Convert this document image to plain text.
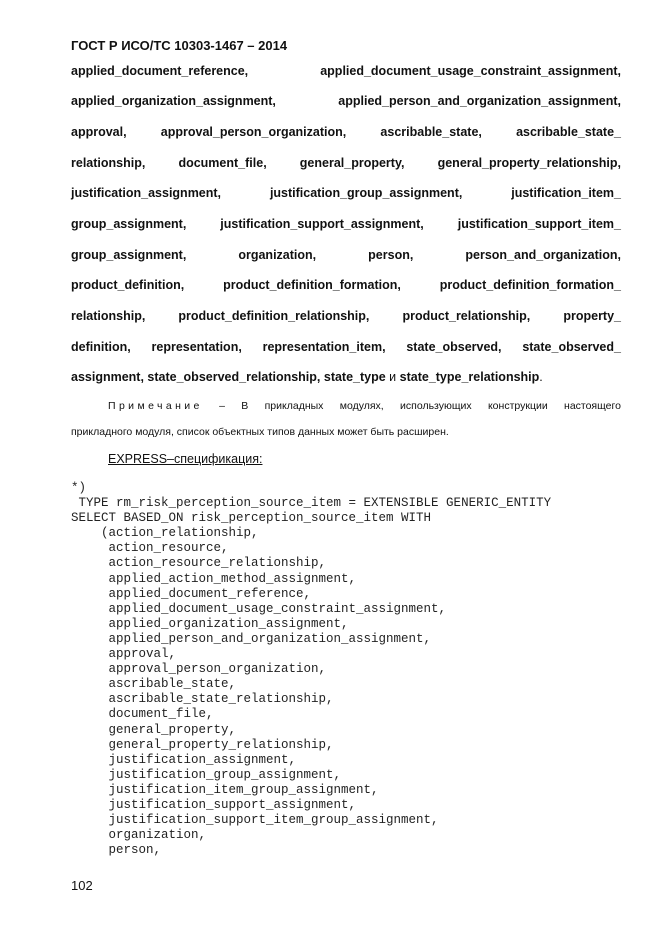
ГОСТ Р ИСО/ТС 10303-1467 – 2014
applied_document_reference,	applied_document_usage_constraint_assignment,
applied_organization_assignment,	applied_person_and_organization_assignment,
approval,	approval_person_organization,	ascribable_state,	ascribable_state_
relationship,	document_file,	general_property,	general_property_relationship,
justification_assignment,	justification_group_assignment,	justification_item_
group_assignment,	justification_support_assignment,	justification_support_item_
group_assignment,	organization,	person,	person_and_organization,
product_definition,	product_definition_formation,	product_definition_formation_
relationship,	product_definition_relationship,	product_relationship,	property_
definition, representation, representation_item, state_observed, state_observed_
assignment, state_observed_relationship, state_type и state_type_relationship.
Примечание – В прикладных модулях, использующих конструкции настоящего
прикладного модуля, список объектных типов данных может быть расширен.
EXPRESS–спецификация:
*)
TYPE rm_risk_perception_source_item = EXTENSIBLE GENERIC_ENTITY
SELECT BASED_ON risk_perception_source_item WITH
(action_relationship,
action_resource,
action_resource_relationship,
applied_action_method_assignment,
applied_document_reference,
applied_document_usage_constraint_assignment,
applied_organization_assignment,
applied_person_and_organization_assignment,
approval,
approval_person_organization,
ascribable_state,
ascribable_state_relationship,
document_file,
general_property,
general_property_relationship,
justification_assignment,
justification_group_assignment,
justification_item_group_assignment,
justification_support_assignment,
justification_support_item_group_assignment,
organization,
person,
102
